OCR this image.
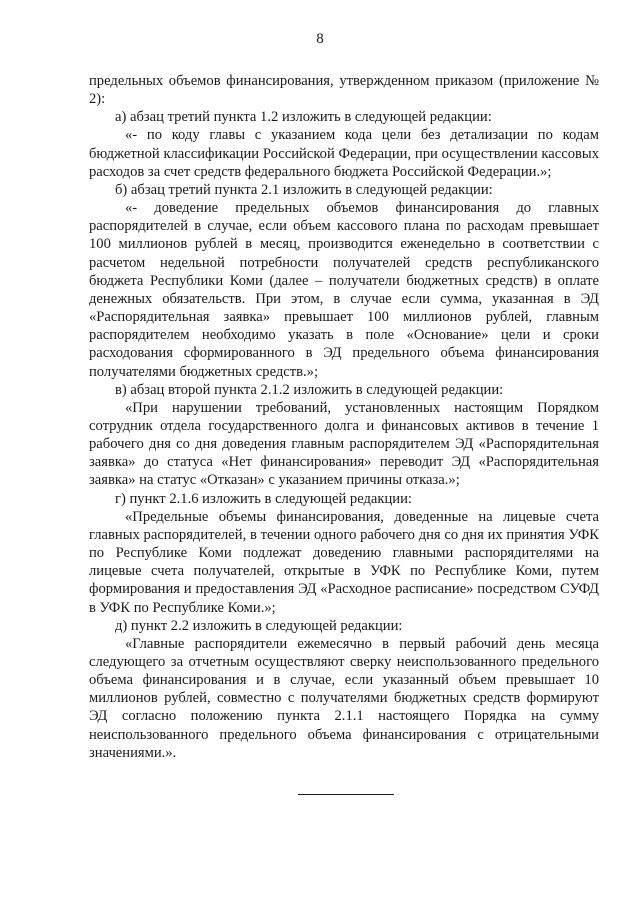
8

предельных объемов финансирования, утвержденном приказом (приложение № 2):

а) абзац третий пункта 1.2 изложить в следующей редакции:

«- по коду главы с указанием кода цели без детализации по кодам бюджетной классификации Российской Федерации, при осуществлении кассовых расходов за счет средств федерального бюджета Российской Федерации.»;

б) абзац третий пункта 2.1 изложить в следующей редакции:

«- доведение предельных объемов финансирования до главных распорядителей в случае, если объем кассового плана по расходам превышает 100 миллионов рублей в месяц, производится еженедельно в соответствии с расчетом недельной потребности получателей средств республиканского бюджета Республики Коми (далее – получатели бюджетных средств) в оплате денежных обязательств. При этом, в случае если сумма, указанная в ЭД «Распорядительная заявка» превышает 100 миллионов рублей, главным распорядителем необходимо указать в поле «Основание» цели и сроки расходования сформированного в ЭД предельного объема финансирования получателями бюджетных средств.»;

в) абзац второй пункта 2.1.2 изложить в следующей редакции:

«При нарушении требований, установленных настоящим Порядком сотрудник отдела государственного долга и финансовых активов в течение 1 рабочего дня со дня доведения главным распорядителем ЭД «Распорядительная заявка» до статуса «Нет финансирования» переводит ЭД «Распорядительная заявка» на статус «Отказан» с указанием причины отказа.»;

г) пункт 2.1.6 изложить в следующей редакции:

«Предельные объемы финансирования, доведенные на лицевые счета главных распорядителей, в течении одного рабочего дня со дня их принятия УФК по Республике Коми подлежат доведению главными распорядителями на лицевые счета получателей, открытые в УФК по Республике Коми, путем формирования и предоставления ЭД «Расходное расписание» посредством СУФД в УФК по Республике Коми.»;

д) пункт 2.2 изложить в следующей редакции:

«Главные распорядители ежемесячно в первый рабочий день месяца следующего за отчетным осуществляют сверку неиспользованного предельного объема финансирования и в случае, если указанный объем превышает 10 миллионов рублей, совместно с получателями бюджетных средств формируют ЭД согласно положению пункта 2.1.1 настоящего Порядка на сумму неиспользованного предельного объема финансирования с отрицательными значениями.».
